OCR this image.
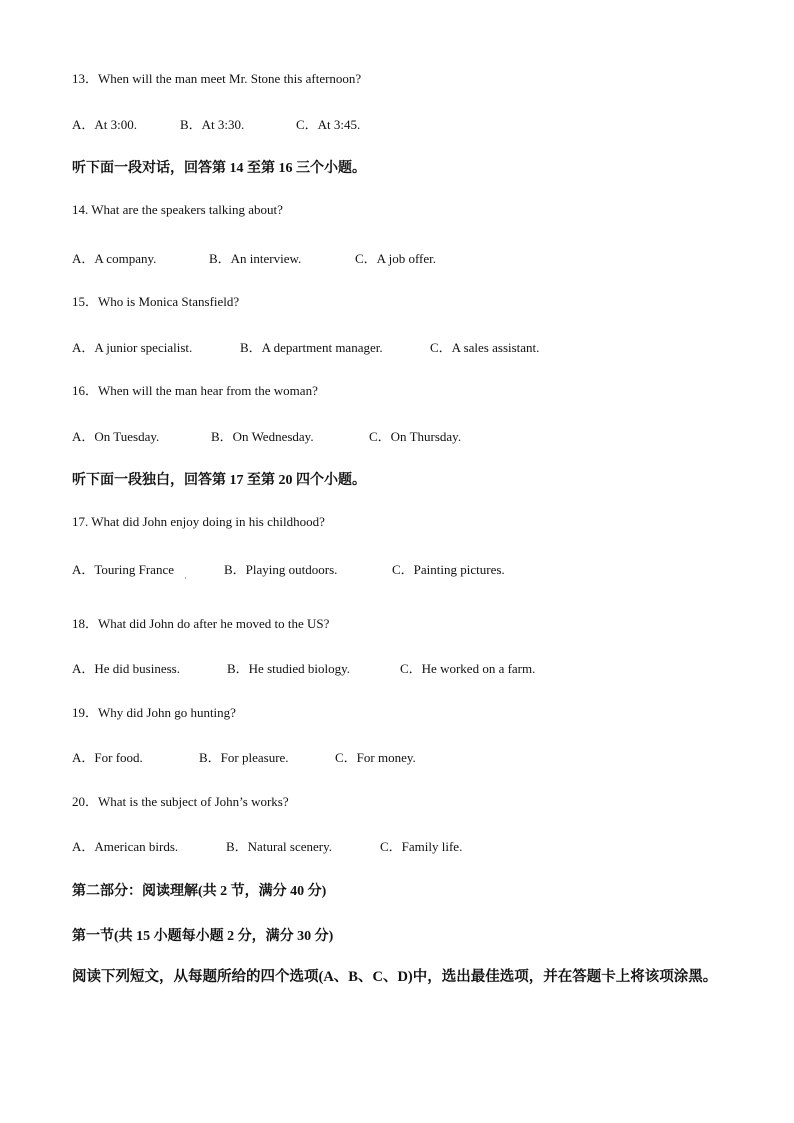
13．When will the man meet Mr. Stone this afternoon?
A．At 3:00.	B．At 3:30.	C．At 3:45.
听下面一段对话，回答第 14 至第 16 三个小题。
14. What are the speakers talking about?
A．A company.	B．An interview.	C．A job offer.
15．Who is Monica Stansfield?
A．A junior specialist.	B．A department manager.	C．A sales assistant.
16．When will the man hear from the woman?
A．On Tuesday.	B．On Wednesday.	C．On Thursday.
听下面一段独白，回答第 17 至第 20 四个小题。
17. What did John enjoy doing in his childhood?
A．Touring France	B．Playing outdoors.	C．Painting pictures.
·
18．What did John do after he moved to the US?
A．He did business.	B．He studied biology.	C．He worked on a farm.
19．Why did John go hunting?
A．For food.	B．For pleasure.	C．For money.
20．What is the subject of John’s works?
A．American birds.	B．Natural scenery.	C．Family life.
第二部分：阅读理解(共 2 节，满分 40 分)
第一节(共 15 小题每小题 2 分，满分 30 分)
阅读下列短文，从每题所给的四个选项(A、B、C、D)中，选出最佳选项，并在答题卡上将该项涂黑。
